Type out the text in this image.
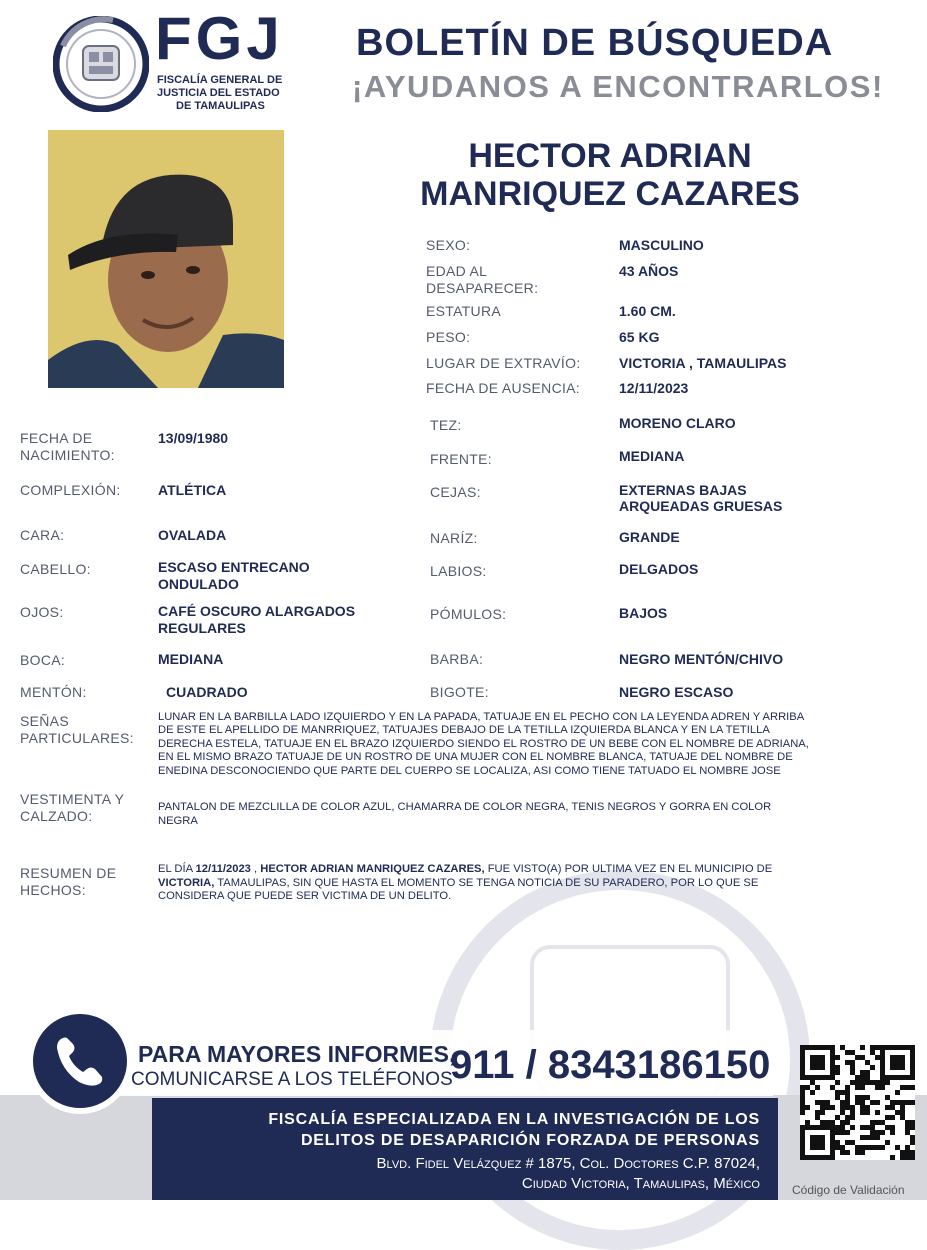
FGJ
FISCALÍA GENERAL DE
JUSTICIA DEL ESTADO
DE TAMAULIPAS
BOLETÍN DE BÚSQUEDA
¡AYUDANOS A ENCONTRARLOS!
HECTOR ADRIAN
MANRIQUEZ CAZARES
SEXO:	MASCULINO
EDAD AL
DESAPARECER:
43 AÑOS
ESTATURA	1.60 CM.
PESO:	65 KG
LUGAR DE EXTRAVÍO:	VICTORIA , TAMAULIPAS
FECHA DE AUSENCIA:	12/11/2023
TEZ:	MORENO CLARO
FRENTE:	MEDIANA
CEJAS:	EXTERNAS BAJAS
ARQUEADAS GRUESAS
NARÍZ:	GRANDE
LABIOS:	DELGADOS
PÓMULOS:	BAJOS
BARBA:	NEGRO MENTÓN/CHIVO
BIGOTE:	NEGRO ESCASO
FECHA DE
NACIMIENTO:
13/09/1980
COMPLEXIÓN:	ATLÉTICA
CARA:	OVALADA
CABELLO:	ESCASO ENTRECANO
ONDULADO
OJOS:	CAFÉ OSCURO ALARGADOS
REGULARES
BOCA:	MEDIANA
MENTÓN:	CUADRADO
SEÑAS
PARTICULARES:
LUNAR EN LA BARBILLA LADO IZQUIERDO Y EN LA PAPADA, TATUAJE EN EL PECHO CON LA LEYENDA ADREN Y ARRIBA
DE ESTE EL APELLIDO DE MANRRIQUEZ, TATUAJES DEBAJO DE LA TETILLA IZQUIERDA BLANCA Y EN LA TETILLA
DERECHA ESTELA, TATUAJE EN EL BRAZO IZQUIERDO SIENDO EL ROSTRO DE UN BEBE CON EL NOMBRE DE ADRIANA,
EN EL MISMO BRAZO TATUAJE DE UN ROSTRO DE UNA MUJER CON EL NOMBRE BLANCA, TATUAJE DEL NOMBRE DE
ENEDINA DESCONOCIENDO QUE PARTE DEL CUERPO SE LOCALIZA, ASI COMO TIENE TATUADO EL NOMBRE JOSE
VESTIMENTA Y
CALZADO:
PANTALON DE MEZCLILLA DE COLOR AZUL, CHAMARRA DE COLOR NEGRA, TENIS NEGROS Y GORRA EN COLOR
NEGRA
RESUMEN DE
HECHOS:
EL DÍA 12/11/2023 , HECTOR ADRIAN MANRIQUEZ CAZARES, FUE VISTO(A) POR ULTIMA VEZ EN EL MUNICIPIO DE
VICTORIA, TAMAULIPAS, SIN QUE HASTA EL MOMENTO SE TENGA NOTICIA DE SU PARADERO, POR LO QUE SE
CONSIDERA QUE PUEDE SER VICTIMA DE UN DELITO.
PARA MAYORES INFORMES,
COMUNICARSE A LOS TELÉFONOS
911 / 8343186150
FISCALÍA ESPECIALIZADA EN LA INVESTIGACIÓN DE LOS
DELITOS DE DESAPARICIÓN FORZADA DE PERSONAS
Blvd. Fidel Velázquez # 1875, Col. Doctores C.P. 87024,
Ciudad Victoria, Tamaulipas, México	Código de Validación
